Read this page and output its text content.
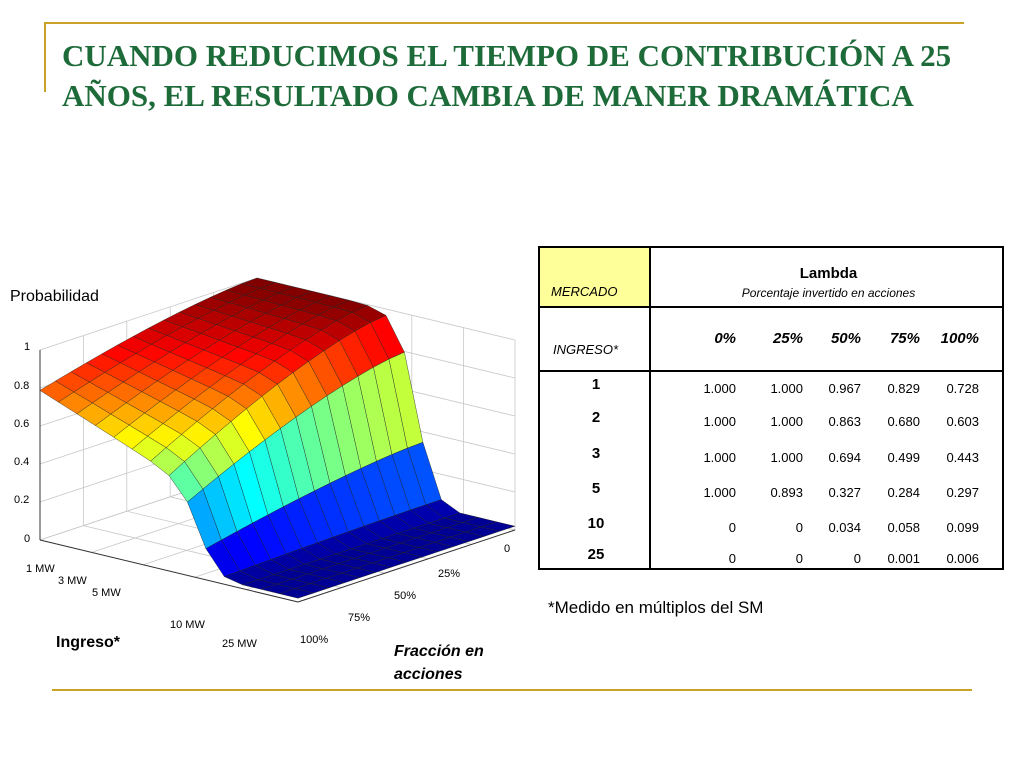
CUANDO REDUCIMOS EL TIEMPO DE CONTRIBUCIÓN A 25 AÑOS, EL RESULTADO CAMBIA DE MANER DRAMÁTICA
Probabilidad
Ingreso*
Fracción en acciones
1
0.8
0.6
0.4
0.2
0
1 MW
3 MW
5 MW
10 MW
25 MW
0
25%
50%
75%
100%
MERCADO
Lambda
Porcentaje invertido en acciones
INGRESO*
0%	25%	50%	75%	100%
1	1.000	1.000	0.967	0.829	0.728
2	1.000	1.000	0.863	0.680	0.603
3	1.000	1.000	0.694	0.499	0.443
5	1.000	0.893	0.327	0.284	0.297
10	0	0	0.034	0.058	0.099
25	0	0	0	0.001	0.006
*Medido en múltiplos del SM
